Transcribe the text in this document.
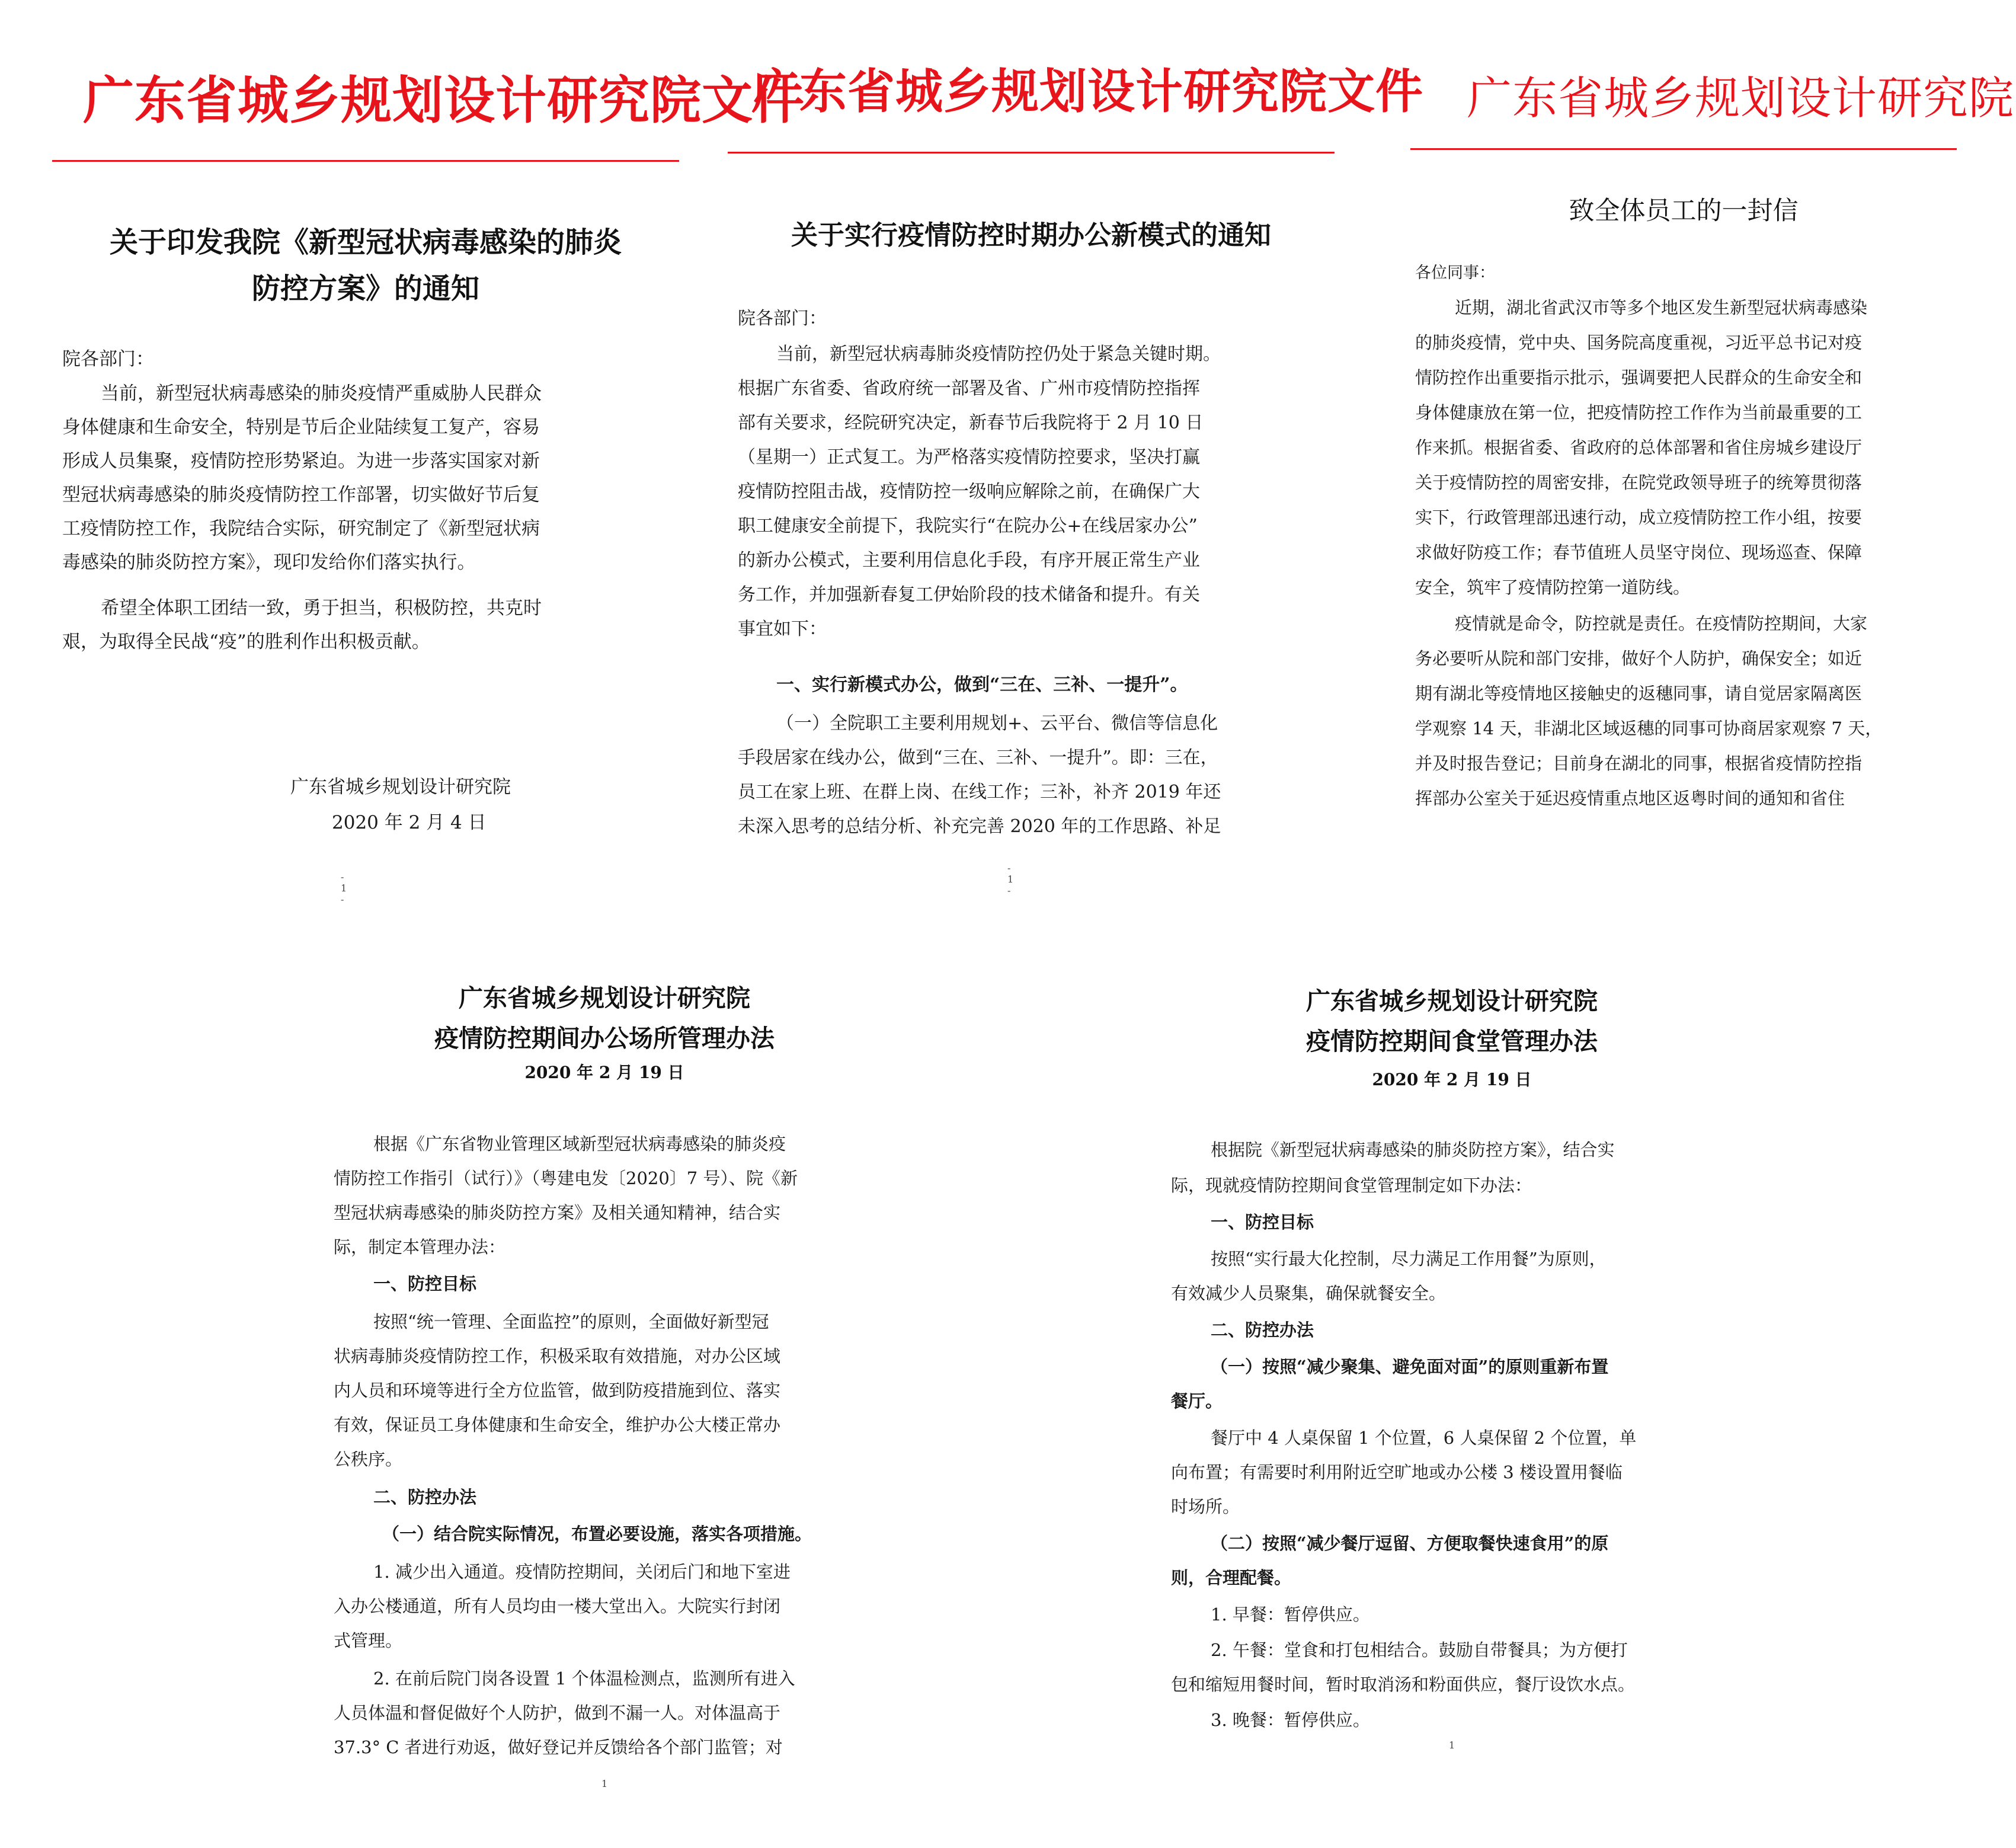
广东省城乡规划设计研究院文件
关于印发我院《新型冠状病毒感染的肺炎
防控方案》的通知
院各部门：
当前，新型冠状病毒感染的肺炎疫情严重威胁人民群众
身体健康和生命安全，特别是节后企业陆续复工复产，容易
形成人员集聚，疫情防控形势紧迫。为进一步落实国家对新
型冠状病毒感染的肺炎疫情防控工作部署，切实做好节后复
工疫情防控工作，我院结合实际，研究制定了《新型冠状病
毒感染的肺炎防控方案》，现印发给你们落实执行。
希望全体职工团结一致，勇于担当，积极防控，共克时
艰，为取得全民战“疫”的胜利作出积极贡献。
广东省城乡规划设计研究院
2020 年 2 月 4 日
- 1 -
广东省城乡规划设计研究院文件
关于实行疫情防控时期办公新模式的通知
院各部门：
当前，新型冠状病毒肺炎疫情防控仍处于紧急关键时期。
根据广东省委、省政府统一部署及省、广州市疫情防控指挥
部有关要求，经院研究决定，新春节后我院将于 2 月 10 日
（星期一）正式复工。为严格落实疫情防控要求，坚决打赢
疫情防控阻击战，疫情防控一级响应解除之前，在确保广大
职工健康安全前提下，我院实行“在院办公+在线居家办公”
的新办公模式，主要利用信息化手段，有序开展正常生产业
务工作，并加强新春复工伊始阶段的技术储备和提升。有关
事宜如下：
一、实行新模式办公，做到“三在、三补、一提升”。
（一）全院职工主要利用规划+、云平台、微信等信息化
手段居家在线办公，做到“三在、三补、一提升”。即：三在，
员工在家上班、在群上岗、在线工作；三补，补齐 2019 年还
未深入思考的总结分析、补充完善 2020 年的工作思路、补足
- 1 -
广东省城乡规划设计研究院
致全体员工的一封信
各位同事：
近期，湖北省武汉市等多个地区发生新型冠状病毒感染
的肺炎疫情，党中央、国务院高度重视，习近平总书记对疫
情防控作出重要指示批示，强调要把人民群众的生命安全和
身体健康放在第一位，把疫情防控工作作为当前最重要的工
作来抓。根据省委、省政府的总体部署和省住房城乡建设厅
关于疫情防控的周密安排，在院党政领导班子的统筹贯彻落
实下，行政管理部迅速行动，成立疫情防控工作小组，按要
求做好防疫工作；春节值班人员坚守岗位、现场巡查、保障
安全，筑牢了疫情防控第一道防线。
疫情就是命令，防控就是责任。在疫情防控期间，大家
务必要听从院和部门安排，做好个人防护，确保安全；如近
期有湖北等疫情地区接触史的返穗同事，请自觉居家隔离医
学观察 14 天，非湖北区域返穗的同事可协商居家观察 7 天，
并及时报告登记；目前身在湖北的同事，根据省疫情防控指
挥部办公室关于延迟疫情重点地区返粤时间的通知和省住
广东省城乡规划设计研究院
疫情防控期间办公场所管理办法
2020 年 2 月 19 日
根据《广东省物业管理区域新型冠状病毒感染的肺炎疫
情防控工作指引（试行）》（粤建电发〔2020〕7 号）、院《新
型冠状病毒感染的肺炎防控方案》及相关通知精神，结合实
际，制定本管理办法：
一、防控目标
按照“统一管理、全面监控”的原则，全面做好新型冠
状病毒肺炎疫情防控工作，积极采取有效措施，对办公区域
内人员和环境等进行全方位监管，做到防疫措施到位、落实
有效，保证员工身体健康和生命安全，维护办公大楼正常办
公秩序。
二、防控办法
（一）结合院实际情况，布置必要设施，落实各项措施。
1. 减少出入通道。疫情防控期间，关闭后门和地下室进
入办公楼通道，所有人员均由一楼大堂出入。大院实行封闭
式管理。
2. 在前后院门岗各设置 1 个体温检测点，监测所有进入
人员体温和督促做好个人防护，做到不漏一人。对体温高于
37.3° C 者进行劝返，做好登记并反馈给各个部门监管；对
1
广东省城乡规划设计研究院
疫情防控期间食堂管理办法
2020 年 2 月 19 日
根据院《新型冠状病毒感染的肺炎防控方案》，结合实
际，现就疫情防控期间食堂管理制定如下办法：
一、防控目标
按照“实行最大化控制，尽力满足工作用餐”为原则，
有效减少人员聚集，确保就餐安全。
二、防控办法
（一）按照“减少聚集、避免面对面”的原则重新布置
餐厅。
餐厅中 4 人桌保留 1 个位置，6 人桌保留 2 个位置，单
向布置；有需要时利用附近空旷地或办公楼 3 楼设置用餐临
时场所。
（二）按照“减少餐厅逗留、方便取餐快速食用”的原
则，合理配餐。
1. 早餐：暂停供应。
2. 午餐：堂食和打包相结合。鼓励自带餐具；为方便打
包和缩短用餐时间，暂时取消汤和粉面供应，餐厅设饮水点。
3. 晚餐：暂停供应。
1
